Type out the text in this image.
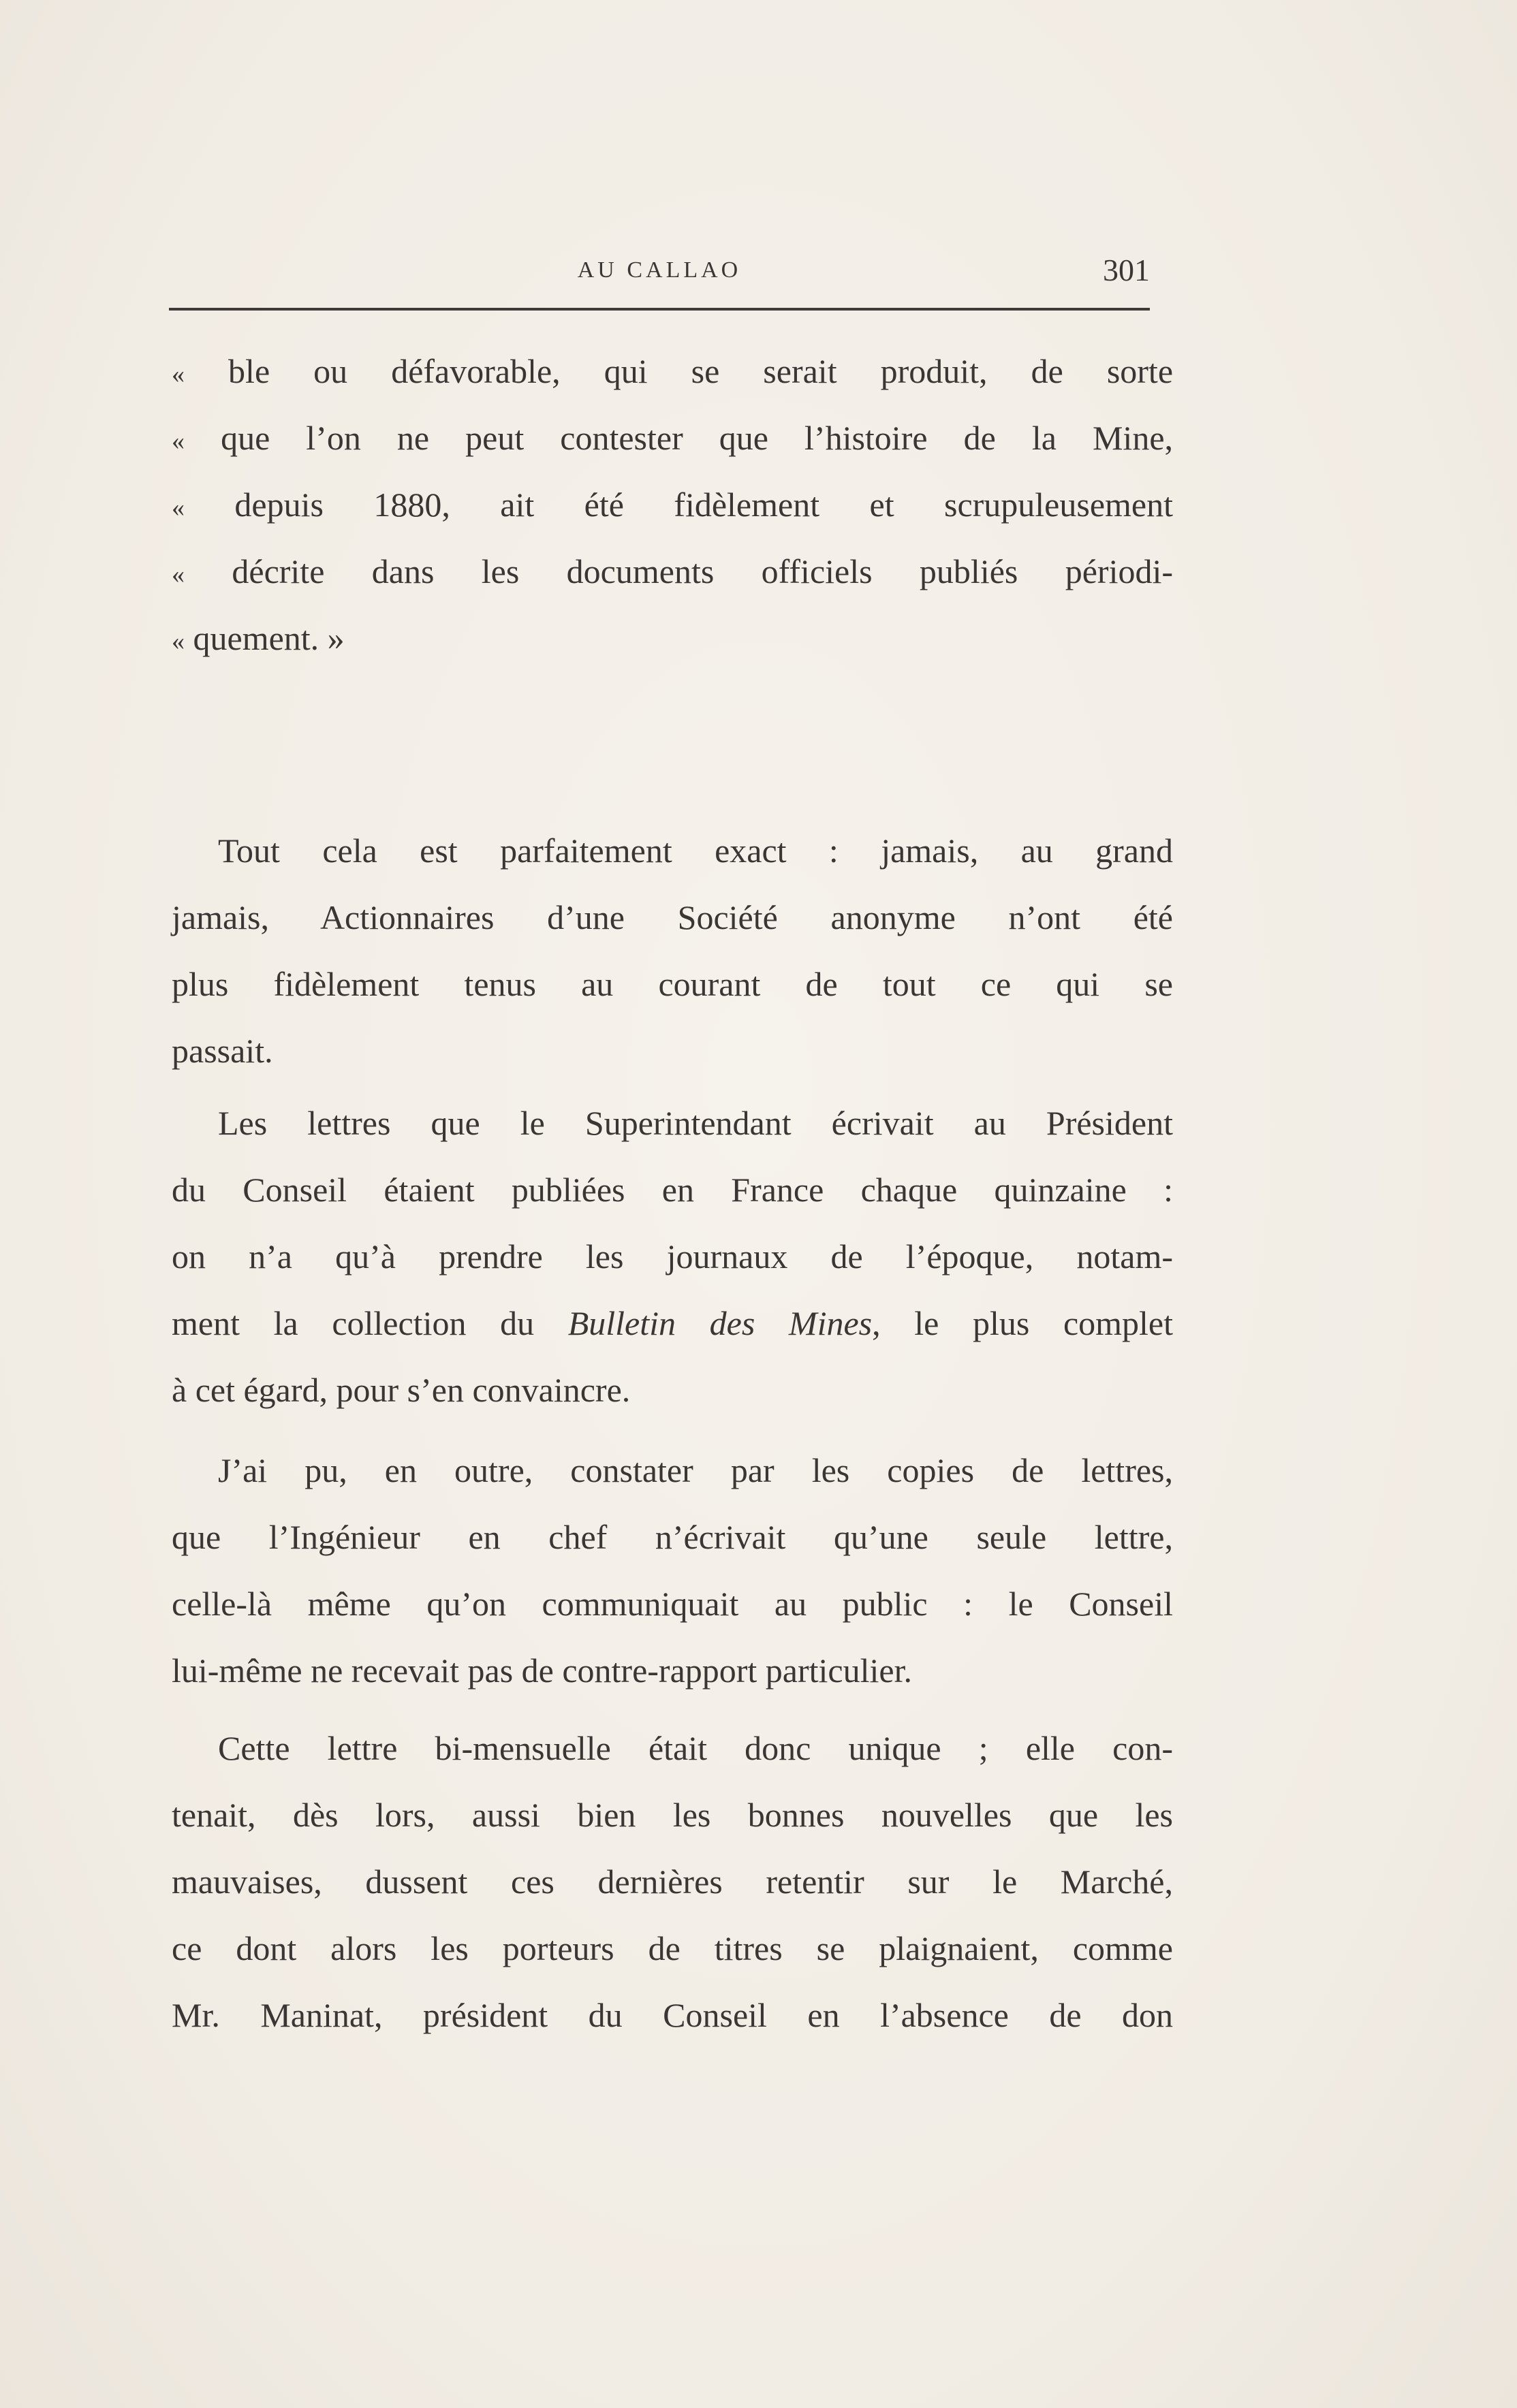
AU CALLAO	301
« ble ou défavorable, qui se serait produit, de sorte
« que l’on ne peut contester que l’histoire de la Mine,
« depuis 1880, ait été fidèlement et scrupuleusement
« décrite dans les documents officiels publiés périodi-
« quement. »
Tout cela est parfaitement exact : jamais, au grand
jamais, Actionnaires d’une Société anonyme n’ont été
plus fidèlement tenus au courant de tout ce qui se
passait.
Les lettres que le Superintendant écrivait au Président
du Conseil étaient publiées en France chaque quinzaine :
on n’a qu’à prendre les journaux de l’époque, notam-
ment la collection du Bulletin des Mines, le plus complet
à cet égard, pour s’en convaincre.
J’ai pu, en outre, constater par les copies de lettres,
que l’Ingénieur en chef n’écrivait qu’une seule lettre,
celle-là même qu’on communiquait au public : le Conseil
lui-même ne recevait pas de contre-rapport particulier.
Cette lettre bi-mensuelle était donc unique ; elle con-
tenait, dès lors, aussi bien les bonnes nouvelles que les
mauvaises, dussent ces dernières retentir sur le Marché,
ce dont alors les porteurs de titres se plaignaient, comme
Mr. Maninat, président du Conseil en l’absence de don
